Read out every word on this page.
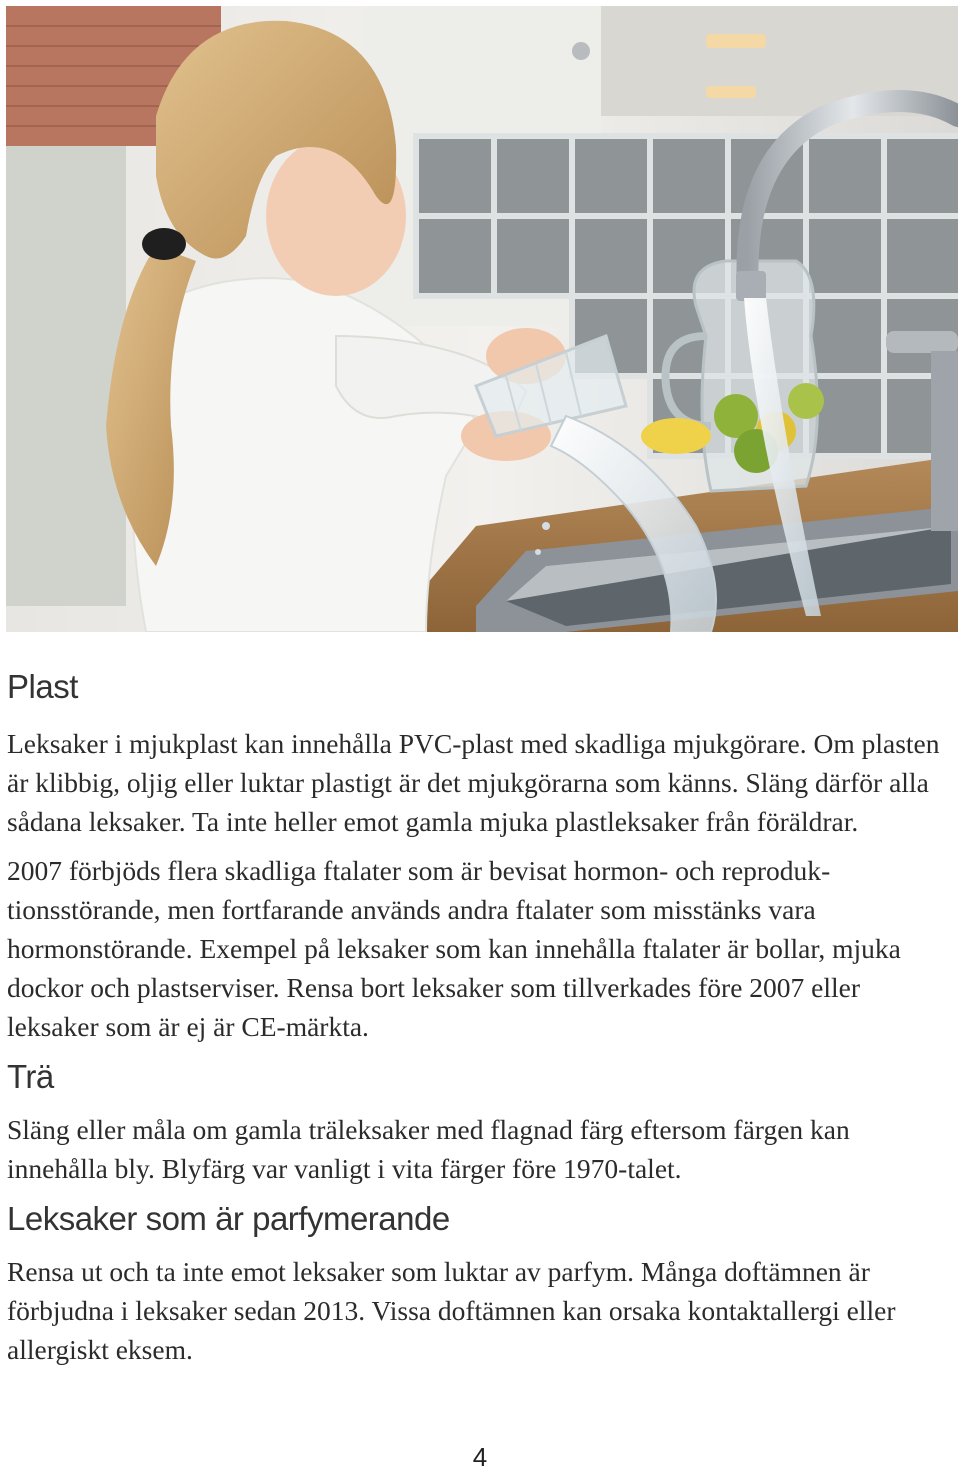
Plast

Leksaker i mjukplast kan innehålla PVC-plast med skadliga mjukgörare. Om plasten är klibbig, oljig eller luktar plastigt är det mjukgörarna som känns. Släng därför alla sådana leksaker. Ta inte heller emot gamla mjuka plastleksaker från föräldrar.

2007 förbjöds flera skadliga ftalater som är bevisat hormon- och reproduktionsstörande, men fortfarande används andra ftalater som misstänks vara hormonstörande. Exempel på leksaker som kan innehålla ftalater är bollar, mjuka dockor och plastserviser. Rensa bort leksaker som tillverkades före 2007 eller leksaker som är ej är CE-märkta.

Trä

Släng eller måla om gamla träleksaker med flagnad färg eftersom färgen kan innehålla bly. Blyfärg var vanligt i vita färger före 1970-talet.

Leksaker som är parfymerande

Rensa ut och ta inte emot leksaker som luktar av parfym. Många doftämnen är förbjudna i leksaker sedan 2013. Vissa doftämnen kan orsaka kontaktallergi eller allergiskt eksem.

4
